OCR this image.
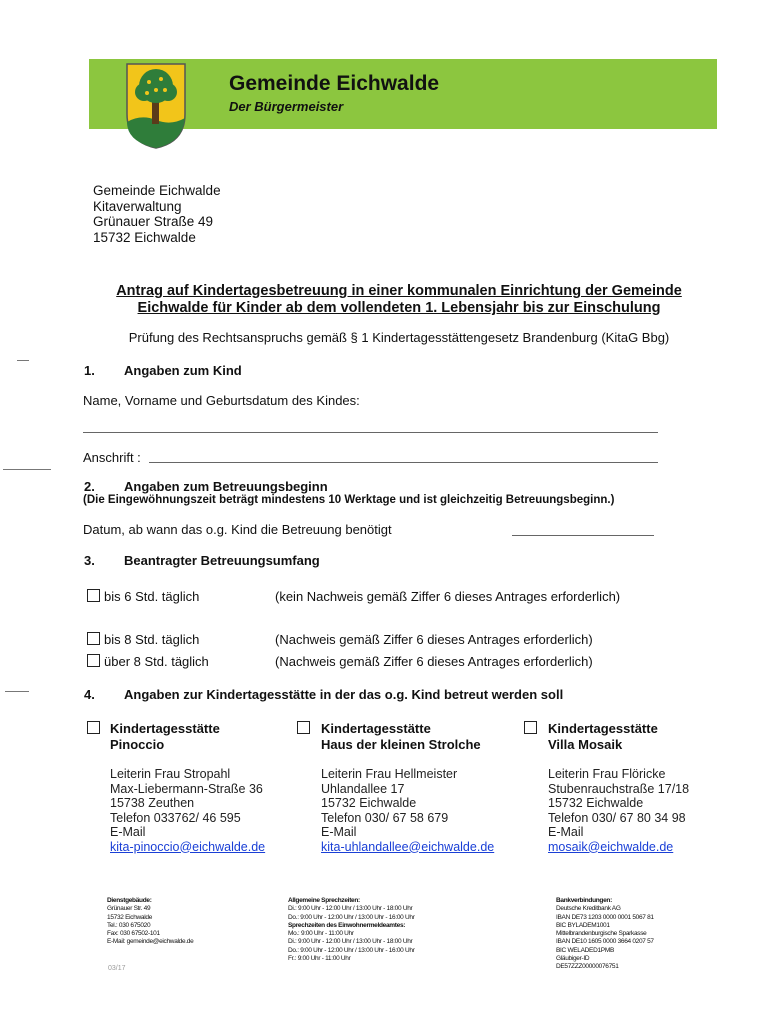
Gemeinde Eichwalde
Der Bürgermeister
Gemeinde Eichwalde
Kitaverwaltung
Grünauer Straße 49
15732 Eichwalde
Antrag auf Kindertagesbetreuung in einer kommunalen Einrichtung der Gemeinde
Eichwalde für Kinder ab dem vollendeten 1. Lebensjahr bis zur Einschulung
Prüfung des Rechtsanspruchs gemäß § 1 Kindertagesstättengesetz Brandenburg (KitaG Bbg)
1. Angaben zum Kind
Name, Vorname und Geburtsdatum des Kindes:
Anschrift :
2. Angaben zum Betreuungsbeginn
(Die Eingewöhnungszeit beträgt mindestens 10 Werktage und ist gleichzeitig Betreuungsbeginn.)
Datum, ab wann das o.g. Kind die Betreuung benötigt
3. Beantragter Betreuungsumfang
bis 6 Std. täglich	(kein Nachweis gemäß Ziffer 6 dieses Antrages erforderlich)
bis 8 Std. täglich	(Nachweis gemäß Ziffer 6 dieses Antrages erforderlich)
über 8 Std. täglich	(Nachweis gemäß Ziffer 6 dieses Antrages erforderlich)
4. Angaben zur Kindertagesstätte in der das o.g. Kind betreut werden soll
Kindertagesstätte
Pinoccio
Leiterin Frau Stropahl
Max-Liebermann-Straße 36
15738 Zeuthen
Telefon 033762/ 46 595
E-Mail
kita-pinoccio@eichwalde.de
Kindertagesstätte
Haus der kleinen Strolche
Leiterin Frau Hellmeister
Uhlandallee 17
15732 Eichwalde
Telefon 030/ 67 58 679
E-Mail
kita-uhlandallee@eichwalde.de
Kindertagesstätte
Villa Mosaik
Leiterin Frau Flöricke
Stubenrauchstraße 17/18
15732 Eichwalde
Telefon 030/ 67 80 34 98
E-Mail
mosaik@eichwalde.de
Dienstgebäude:
Grünauer Str. 49
15732 Eichwalde
Tel.: 030 675020
Fax: 030 67502-101
E-Mail: gemeinde@eichwalde.de
03/17
Allgemeine Sprechzeiten:
Di.: 9:00 Uhr - 12:00 Uhr / 13:00 Uhr - 18:00 Uhr
Do.: 9:00 Uhr - 12:00 Uhr / 13:00 Uhr - 16:00 Uhr
Sprechzeiten des Einwohnermeldeamtes:
Mo.: 9:00 Uhr - 11:00 Uhr
Di.: 9:00 Uhr - 12:00 Uhr / 13:00 Uhr - 18:00 Uhr
Do.: 9:00 Uhr - 12:00 Uhr / 13:00 Uhr - 16:00 Uhr
Fr.: 9:00 Uhr - 11:00 Uhr
Bankverbindungen:
Deutsche Kreditbank AG
IBAN DE73 1203 0000 0001 5067 81
BIC BYLADEM1001
Mittelbrandenburgische Sparkasse
IBAN DE10 1605 0000 3664 0207 57
BIC WELADED1PMB
Gläubiger-ID
DE57ZZZ00000076751
